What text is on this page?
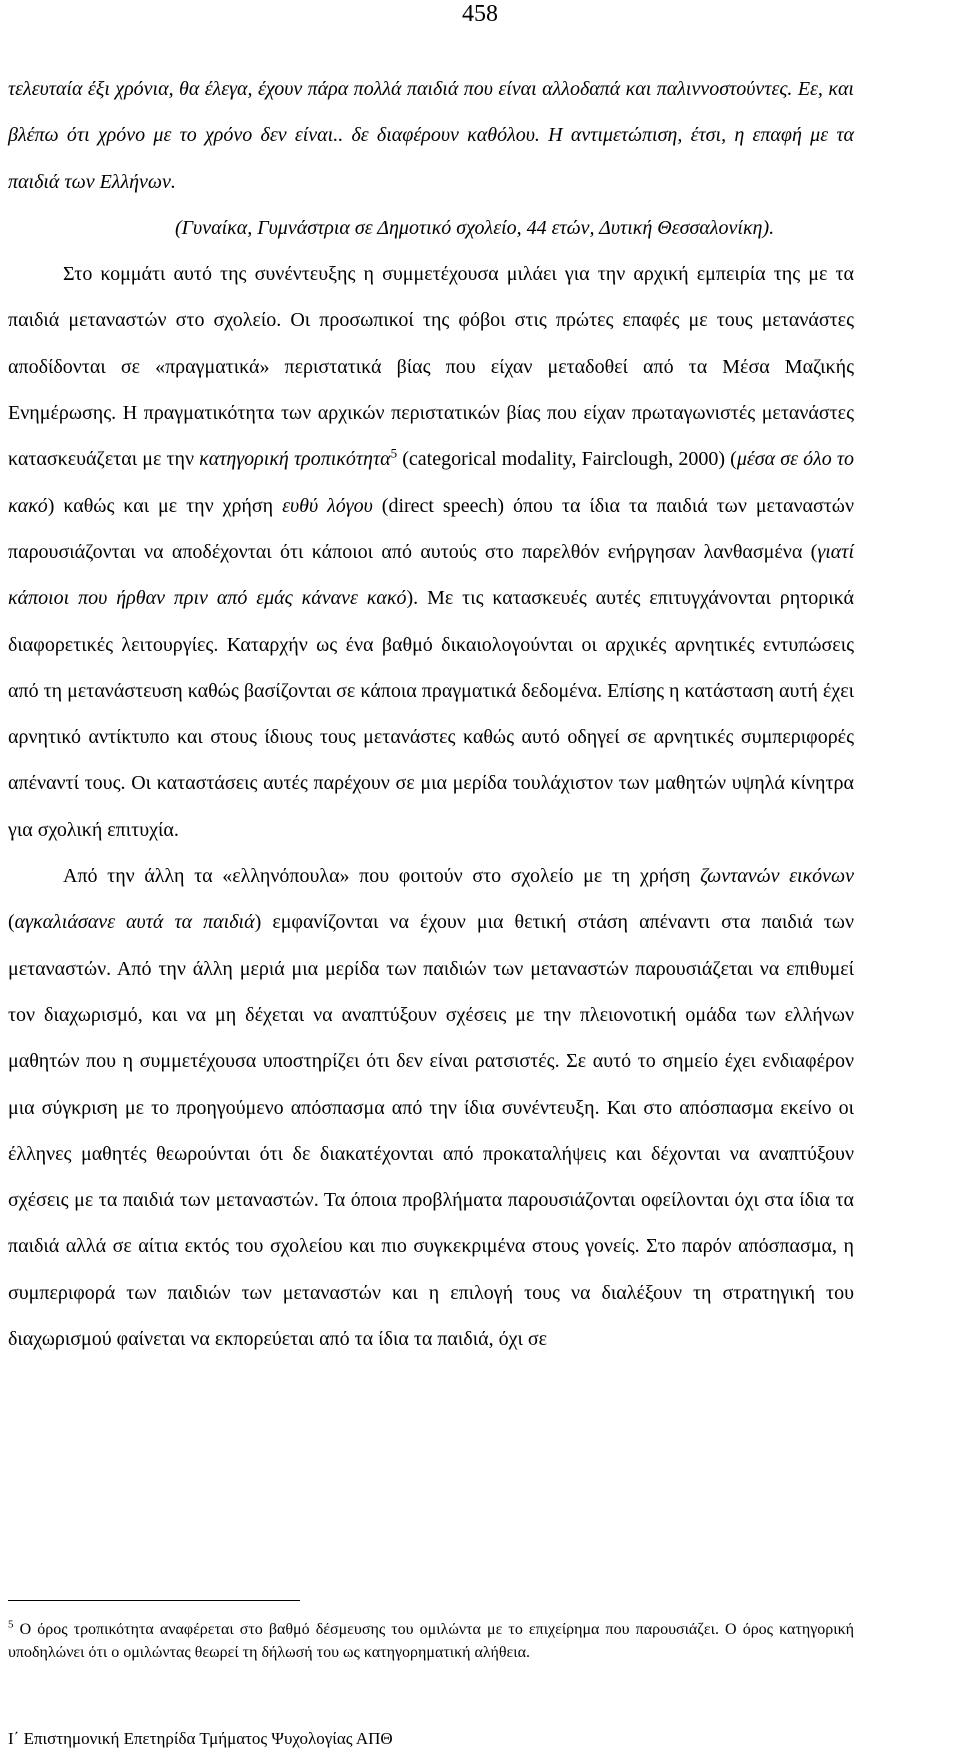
458

τελευταία έξι χρόνια, θα έλεγα, έχουν πάρα πολλά παιδιά που είναι αλλοδαπά και παλιννοστούντες. Εε, και βλέπω ότι χρόνο με το χρόνο δεν είναι.. δε διαφέρουν καθόλου. Η αντιμετώπιση, έτσι, η επαφή με τα παιδιά των Ελλήνων.

(Γυναίκα, Γυμνάστρια σε Δημοτικό σχολείο, 44 ετών, Δυτική Θεσσαλονίκη).

Στο κομμάτι αυτό της συνέντευξης η συμμετέχουσα μιλάει για την αρχική εμπειρία της με τα παιδιά μεταναστών στο σχολείο. Οι προσωπικοί της φόβοι στις πρώτες επαφές με τους μετανάστες αποδίδονται σε «πραγματικά» περιστατικά βίας που είχαν μεταδοθεί από τα Μέσα Μαζικής Ενημέρωσης. Η πραγματικότητα των αρχικών περιστατικών βίας που είχαν πρωταγωνιστές μετανάστες κατασκευάζεται με την κατηγορική τροπικότητα$^5$ (categorical modality, Fairclough, 2000) (μέσα σε όλο το κακό) καθώς και με την χρήση ευθύ λόγου (direct speech) όπου τα ίδια τα παιδιά των μεταναστών παρουσιάζονται να αποδέχονται ότι κάποιοι από αυτούς στο παρελθόν ενήργησαν λανθασμένα (γιατί κάποιοι που ήρθαν πριν από εμάς κάνανε κακό). Με τις κατασκευές αυτές επιτυγχάνονται ρητορικά διαφορετικές λειτουργίες. Καταρχήν ως ένα βαθμό δικαιολογούνται οι αρχικές αρνητικές εντυπώσεις από τη μετανάστευση καθώς βασίζονται σε κάποια πραγματικά δεδομένα. Επίσης η κατάσταση αυτή έχει αρνητικό αντίκτυπο και στους ίδιους τους μετανάστες καθώς αυτό οδηγεί σε αρνητικές συμπεριφορές απέναντί τους. Οι καταστάσεις αυτές παρέχουν σε μια μερίδα τουλάχιστον των μαθητών υψηλά κίνητρα για σχολική επιτυχία.

Από την άλλη τα «ελληνόπουλα» που φοιτούν στο σχολείο με τη χρήση ζωντανών εικόνων (αγκαλιάσανε αυτά τα παιδιά) εμφανίζονται να έχουν μια θετική στάση απέναντι στα παιδιά των μεταναστών. Από την άλλη μεριά μια μερίδα των παιδιών των μεταναστών παρουσιάζεται να επιθυμεί τον διαχωρισμό, και να μη δέχεται να αναπτύξουν σχέσεις με την πλειονοτική ομάδα των ελλήνων μαθητών που η συμμετέχουσα υποστηρίζει ότι δεν είναι ρατσιστές. Σε αυτό το σημείο έχει ενδιαφέρον μια σύγκριση με το προηγούμενο απόσπασμα από την ίδια συνέντευξη. Και στο απόσπασμα εκείνο οι έλληνες μαθητές θεωρούνται ότι δε διακατέχονται από προκαταλήψεις και δέχονται να αναπτύξουν σχέσεις με τα παιδιά των μεταναστών. Τα όποια προβλήματα παρουσιάζονται οφείλονται όχι στα ίδια τα παιδιά αλλά σε αίτια εκτός του σχολείου και πιο συγκεκριμένα στους γονείς. Στο παρόν απόσπασμα, η συμπεριφορά των παιδιών των μεταναστών και η επιλογή τους να διαλέξουν τη στρατηγική του διαχωρισμού φαίνεται να εκπορεύεται από τα ίδια τα παιδιά, όχι σε

$^5$ Ο όρος τροπικότητα αναφέρεται στο βαθμό δέσμευσης του ομιλώντα με το επιχείρημα που παρουσιάζει. Ο όρος κατηγορική υποδηλώνει ότι ο ομιλώντας θεωρεί τη δήλωσή του ως κατηγορηματική αλήθεια.
Ι΄ Επιστημονική Επετηρίδα Τμήματος Ψυχολογίας ΑΠΘ
